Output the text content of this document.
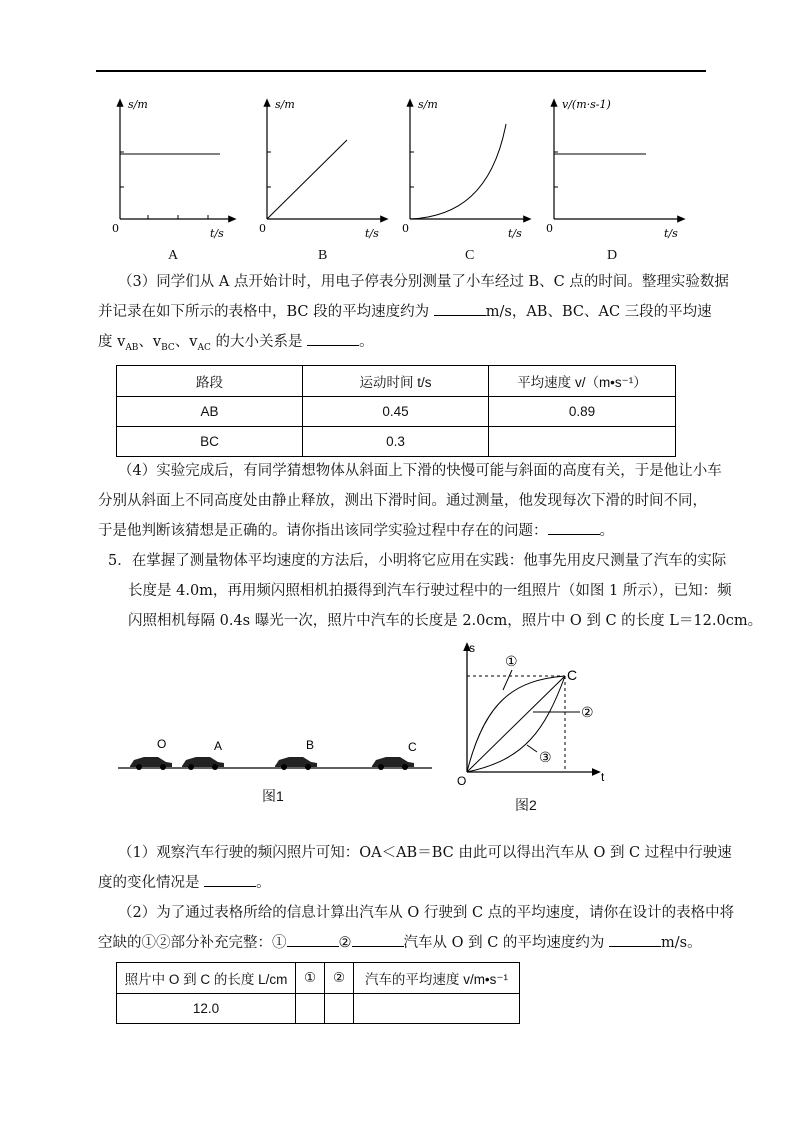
s/m
0	t/s
A
s/m
0	t/s
B
s/m
0	t/s
C
v/(m·s-1)
0	t/s
D

（3）同学们从 A 点开始计时，用电子停表分别测量了小车经过 B、C 点的时间。整理实验数据

并记录在如下所示的表格中，BC 段的平均速度约为	m/s，AB、BC、AC 三段的平均速

度 $v_{AB}$、$v_{BC}$、$v_{AC}$ 的大小关系是	。

路段	运动时间 t/s	平均速度 v/（m•s⁻¹）
AB	0.45	0.89
BC	0.3	

（4）实验完成后，有同学猜想物体从斜面上下滑的快慢可能与斜面的高度有关，于是他让小车

分别从斜面上不同高度处由静止释放，测出下滑时间。通过测量，他发现每次下滑的时间不同，

于是他判断该猜想是正确的。请你指出该同学实验过程中存在的问题：	。

5．在掌握了测量物体平均速度的方法后，小明将它应用在实践：他事先用皮尺测量了汽车的实际

长度是 4.0m，再用频闪照相机拍摄得到汽车行驶过程中的一组照片（如图 1 所示），已知：频

闪照相机每隔 0.4s 曝光一次，照片中汽车的长度是 2.0cm，照片中 O 到 C 的长度 L＝12.0cm。

O	A	B	C
图1
s
t
O
C
①
②
③
图2

（1）观察汽车行驶的频闪照片可知：OA＜AB＝BC 由此可以得出汽车从 O 到 C 过程中行驶速

度的变化情况是	。

（2）为了通过表格所给的信息计算出汽车从 O 行驶到 C 点的平均速度，请你在设计的表格中将

空缺的①②部分补充完整：①	②	汽车从 O 到 C 的平均速度约为	m/s。

照片中 O 到 C 的长度 L/cm	①	②	汽车的平均速度 v/m•s⁻¹
12.0			
